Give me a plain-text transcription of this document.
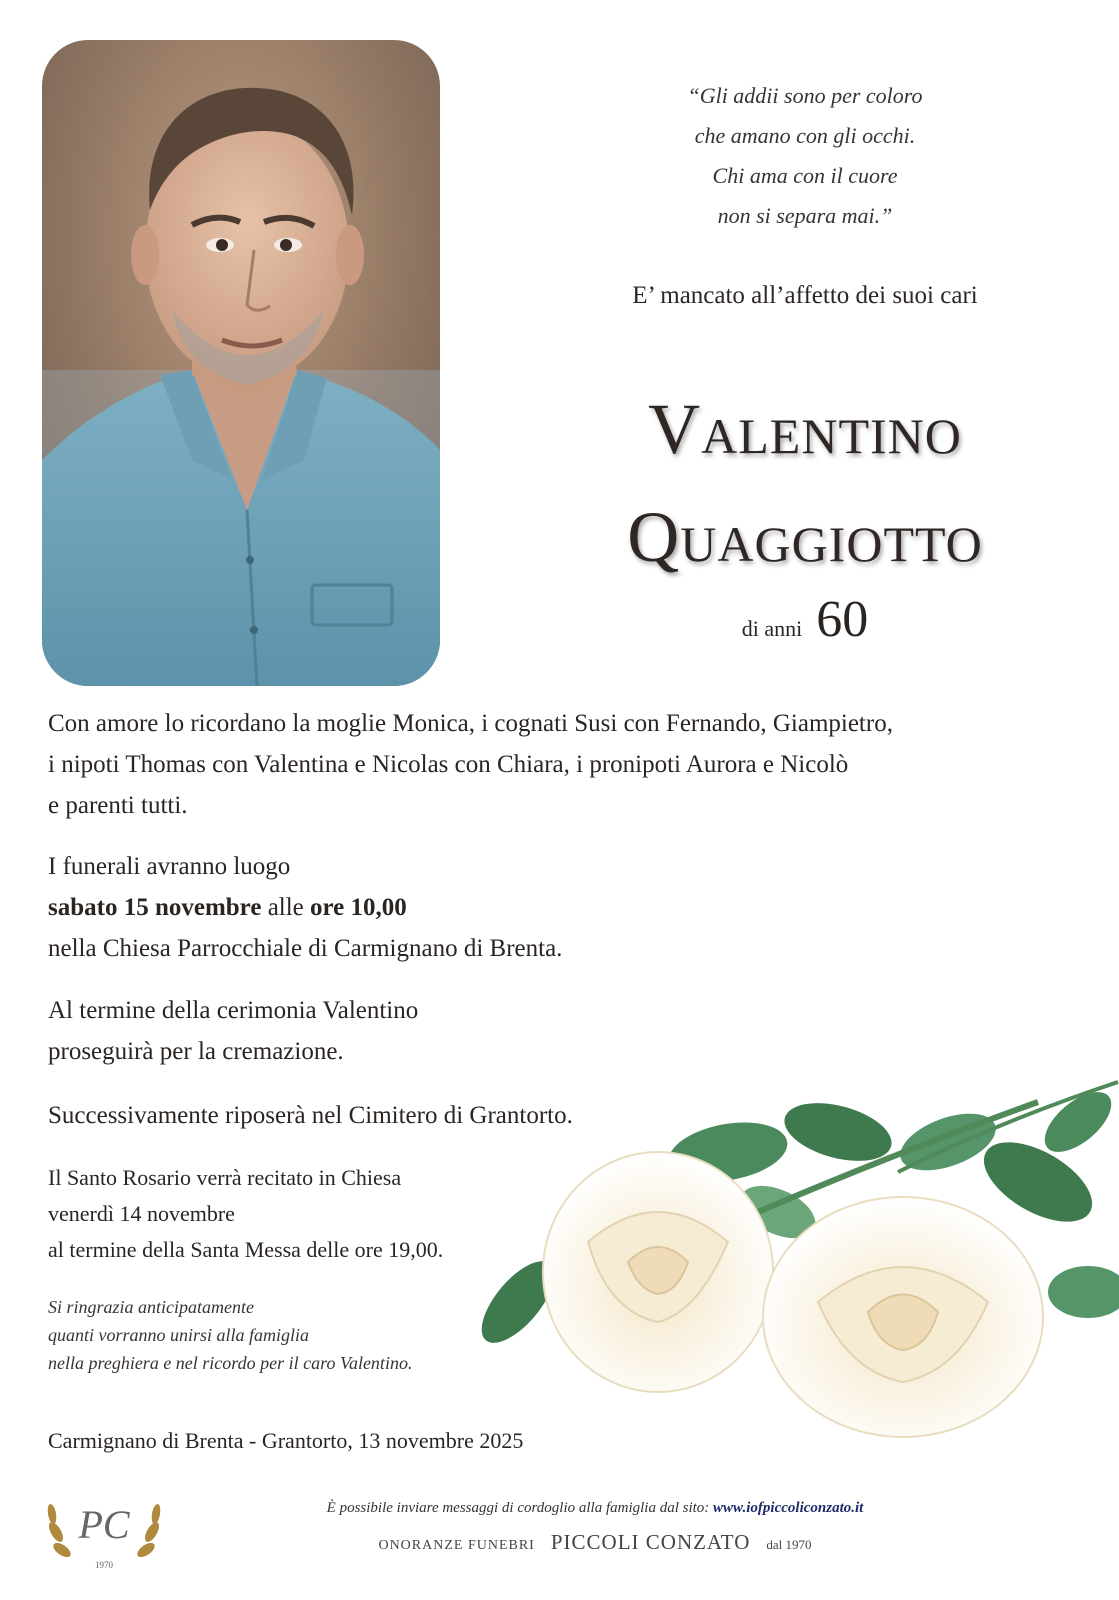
“Gli addii sono per coloro
che amano con gli occhi.
Chi ama con il cuore
non si separa mai.”
E’ mancato all’affetto dei suoi cari
Valentino
Quaggiotto
di anni 60
Con amore lo ricordano la moglie Monica, i cognati Susi con Fernando, Giampietro,
i nipoti Thomas con Valentina e Nicolas con Chiara, i pronipoti Aurora e Nicolò
e parenti tutti.
I funerali avranno luogo
sabato 15 novembre alle ore 10,00
nella Chiesa Parrocchiale di Carmignano di Brenta.
Al termine della cerimonia Valentino
proseguirà per la cremazione.
Successivamente riposerà nel Cimitero di Grantorto.
Il Santo Rosario verrà recitato in Chiesa
venerdì 14 novembre
al termine della Santa Messa delle ore 19,00.
Si ringrazia anticipatamente
quanti vorranno unirsi alla famiglia
nella preghiera e nel ricordo per il caro Valentino.
Carmignano di Brenta - Grantorto, 13 novembre 2025
PC
1970
È possibile inviare messaggi di cordoglio alla famiglia dal sito: www.iofpiccoliconzato.it
ONORANZE FUNEBRI PICCOLI CONZATO dal 1970
